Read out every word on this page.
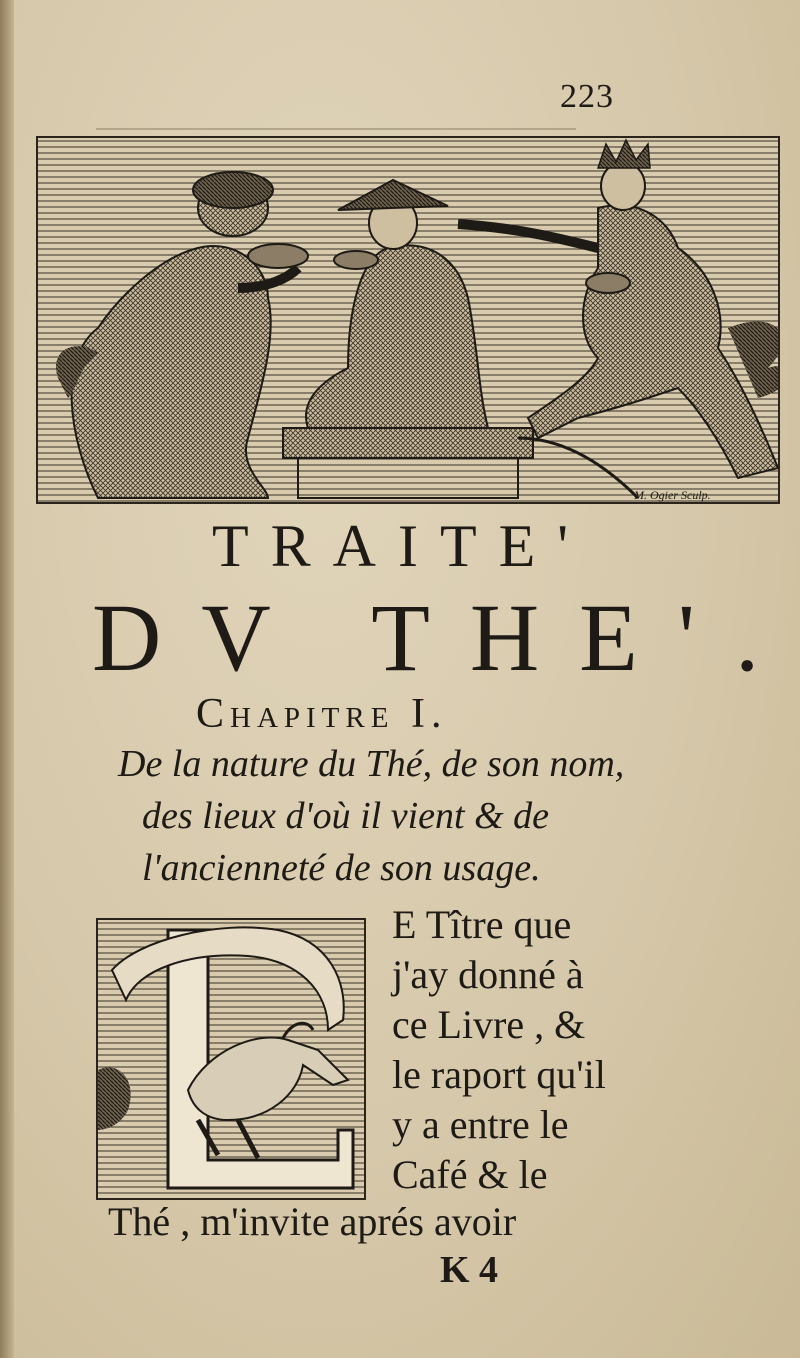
223
M. Ogier Sculp.
TRAITE'
DV THE'.
Chapitre I.
De la nature du Thé, de son nom,
des lieux d'où il vient & de
l'ancienneté de son usage.
E Tître que
j'ay donné à
ce Livre , &
le raport qu'il
y a entre le
Café & le
Thé , m'invite aprés avoir
K 4
